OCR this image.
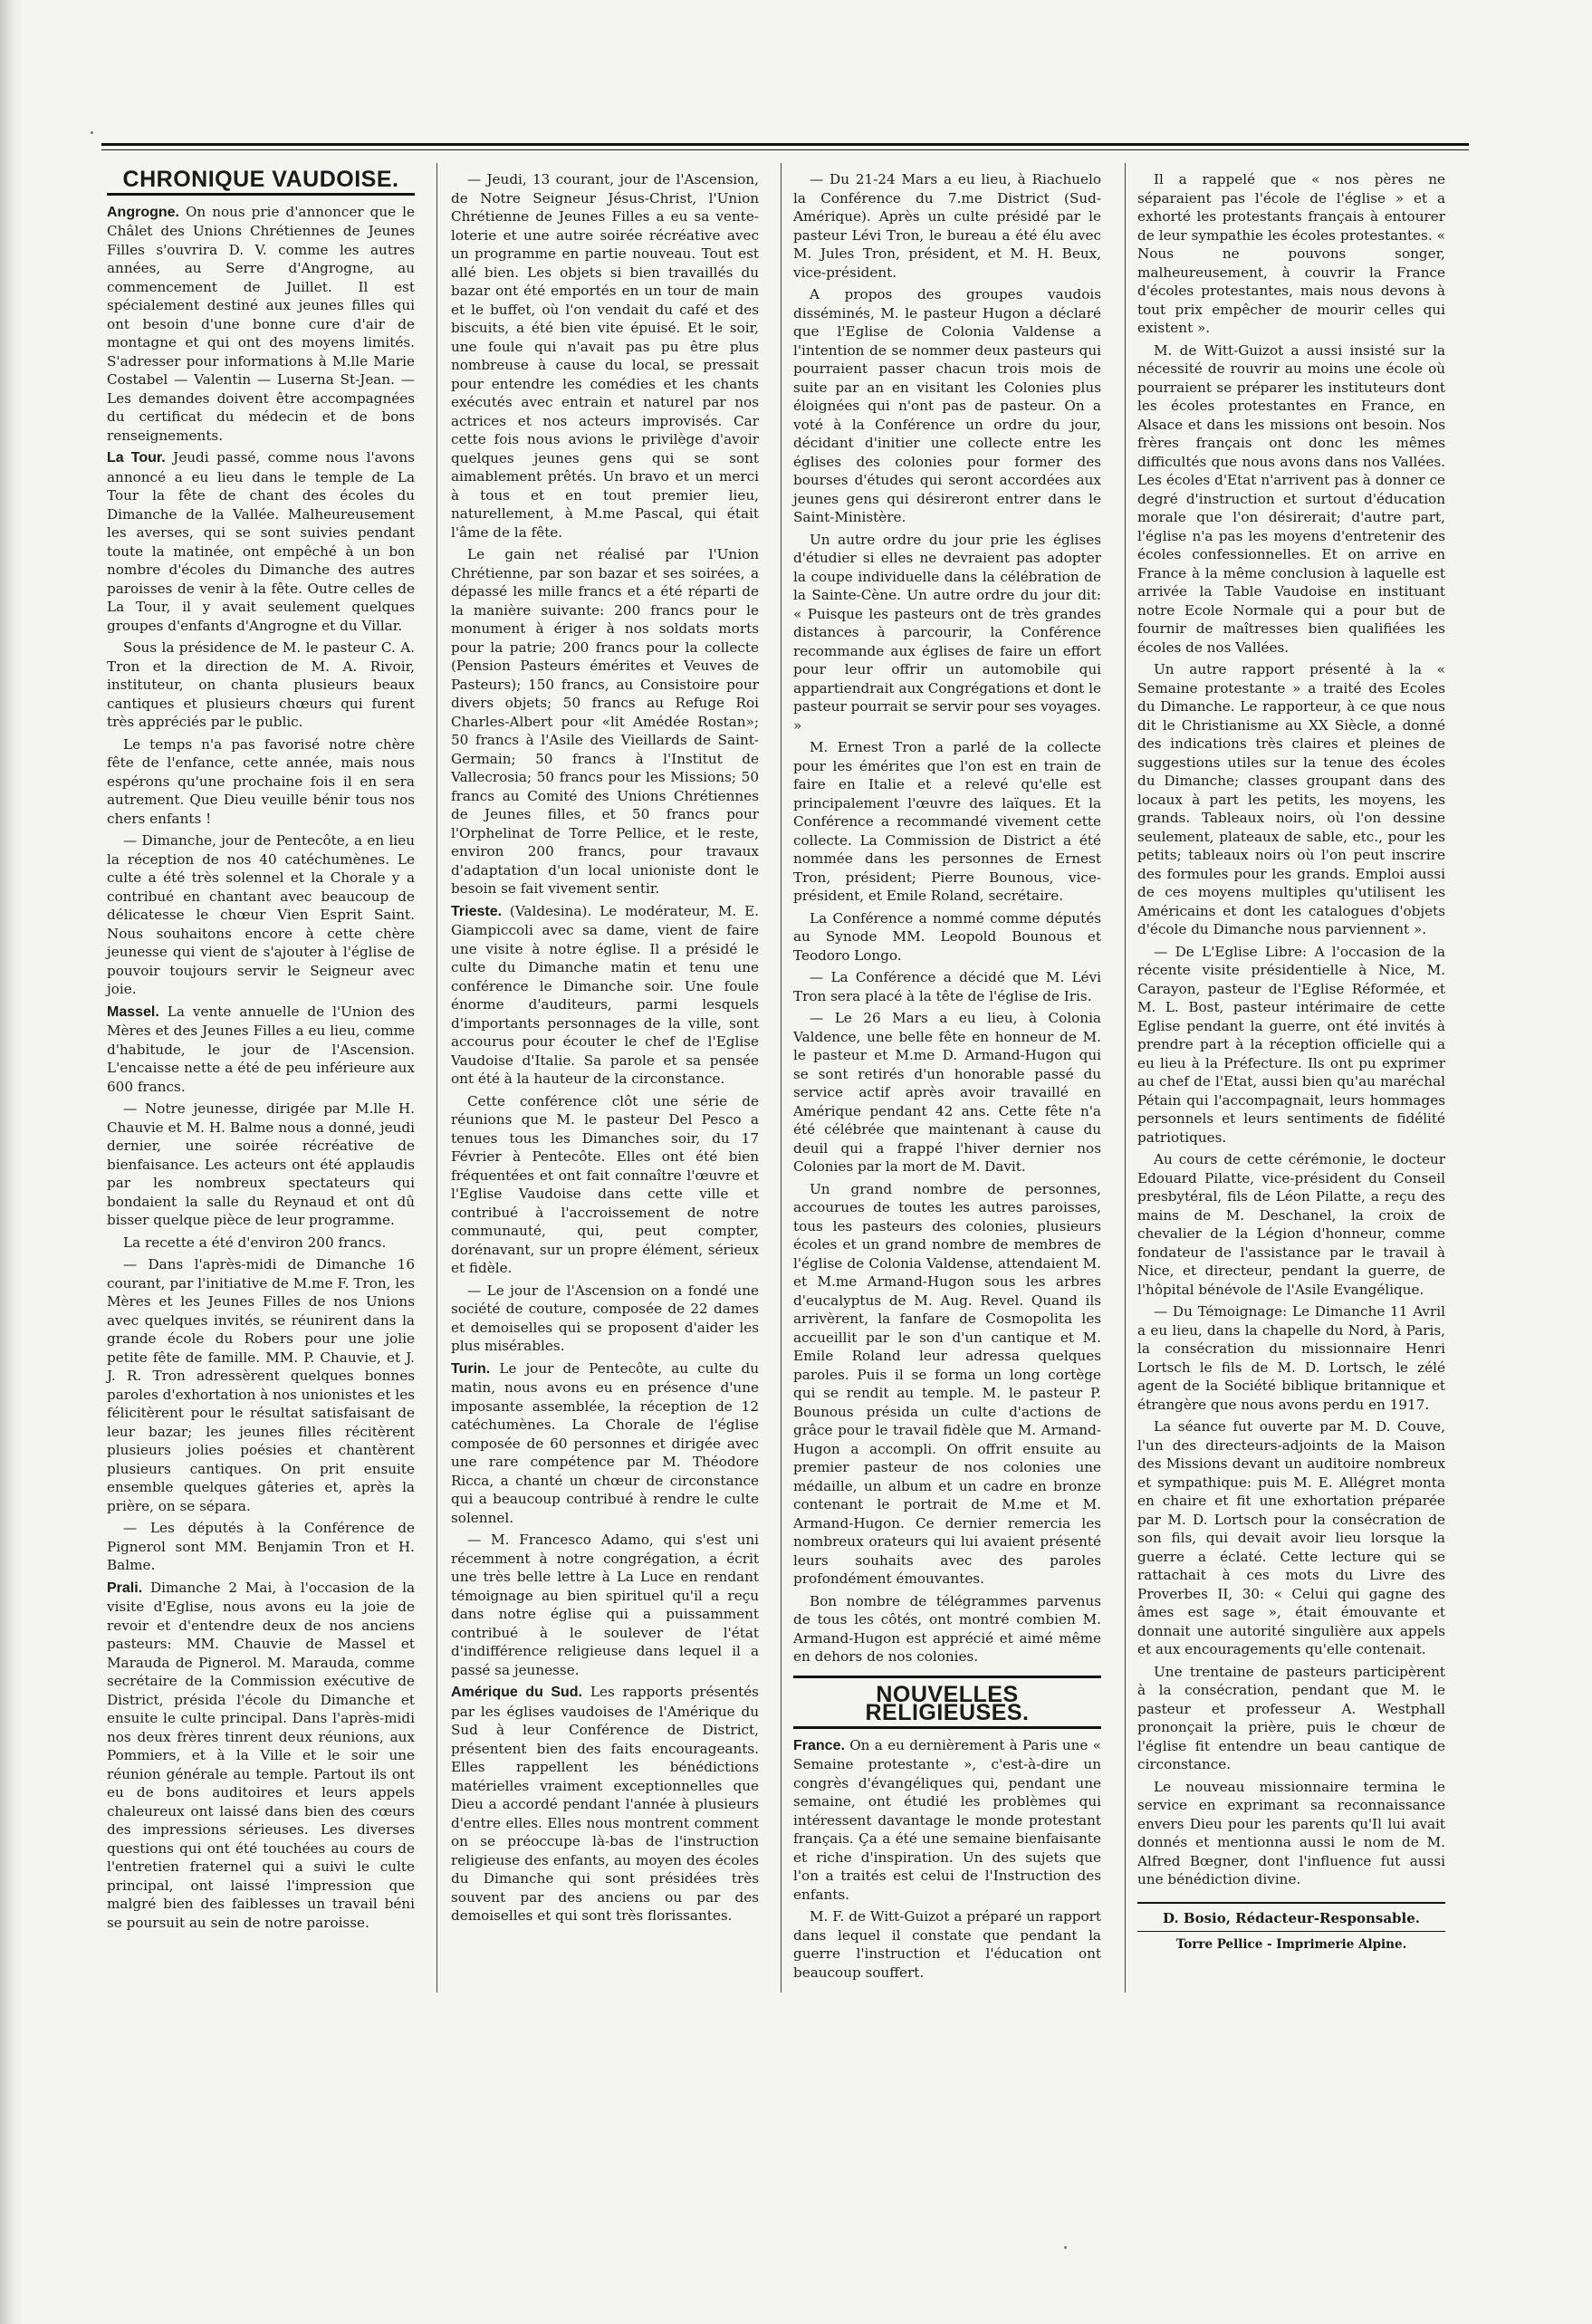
CHRONIQUE VAUDOISE.

Angrogne. On nous prie d'annoncer que le Châlet des Unions Chrétiennes de Jeunes Filles s'ouvrira D. V. comme les autres années, au Serre d'Angrogne, au commencement de Juillet. Il est spécialement destiné aux jeunes filles qui ont besoin d'une bonne cure d'air de montagne et qui ont des moyens limités. S'adresser pour informations à M.lle Marie Costabel — Valentin — Luserna St-Jean. — Les demandes doivent être accompagnées du certificat du médecin et de bons renseignements.

La Tour. Jeudi passé, comme nous l'avons annoncé a eu lieu dans le temple de La Tour la fête de chant des écoles du Dimanche de la Vallée. Malheureusement les averses, qui se sont suivies pendant toute la matinée, ont empêché à un bon nombre d'écoles du Dimanche des autres paroisses de venir à la fête. Outre celles de La Tour, il y avait seulement quelques groupes d'enfants d'Angrogne et du Villar.

Sous la présidence de M. le pasteur C. A. Tron et la direction de M. A. Rivoir, instituteur, on chanta plusieurs beaux cantiques et plusieurs chœurs qui furent très appréciés par le public.

Le temps n'a pas favorisé notre chère fête de l'enfance, cette année, mais nous espérons qu'une prochaine fois il en sera autrement. Que Dieu veuille bénir tous nos chers enfants !

— Dimanche, jour de Pentecôte, a en lieu la réception de nos 40 catéchumènes. Le culte a été très solennel et la Chorale y a contribué en chantant avec beaucoup de délicatesse le chœur Vien Esprit Saint. Nous souhaitons encore à cette chère jeunesse qui vient de s'ajouter à l'église de pouvoir toujours servir le Seigneur avec joie.

Massel. La vente annuelle de l'Union des Mères et des Jeunes Filles a eu lieu, comme d'habitude, le jour de l'Ascension. L'encaisse nette a été de peu inférieure aux 600 francs.

— Notre jeunesse, dirigée par M.lle H. Chauvie et M. H. Balme nous a donné, jeudi dernier, une soirée récréative de bienfaisance. Les acteurs ont été applaudis par les nombreux spectateurs qui bondaient la salle du Reynaud et ont dû bisser quelque pièce de leur programme.

La recette a été d'environ 200 francs.

— Dans l'après-midi de Dimanche 16 courant, par l'initiative de M.me F. Tron, les Mères et les Jeunes Filles de nos Unions avec quelques invités, se réunirent dans la grande école du Robers pour une jolie petite fête de famille. MM. P. Chauvie, et J. J. R. Tron adressèrent quelques bonnes paroles d'exhortation à nos unionistes et les félicitèrent pour le résultat satisfaisant de leur bazar; les jeunes filles récitèrent plusieurs jolies poésies et chantèrent plusieurs cantiques. On prit ensuite ensemble quelques gâteries et, après la prière, on se sépara.

— Les députés à la Conférence de Pignerol sont MM. Benjamin Tron et H. Balme.

Prali. Dimanche 2 Mai, à l'occasion de la visite d'Eglise, nous avons eu la joie de revoir et d'entendre deux de nos anciens pasteurs: MM. Chauvie de Massel et Marauda de Pignerol. M. Marauda, comme secrétaire de la Commission exécutive de District, présida l'école du Dimanche et ensuite le culte principal. Dans l'après-midi nos deux frères tinrent deux réunions, aux Pommiers, et à la Ville et le soir une réunion générale au temple. Partout ils ont eu de bons auditoires et leurs appels chaleureux ont laissé dans bien des cœurs des impressions sérieuses. Les diverses questions qui ont été touchées au cours de l'entretien fraternel qui a suivi le culte principal, ont laissé l'impression que malgré bien des faiblesses un travail béni se poursuit au sein de notre paroisse.

— Jeudi, 13 courant, jour de l'Ascension, de Notre Seigneur Jésus-Christ, l'Union Chrétienne de Jeunes Filles a eu sa vente-loterie et une autre soirée récréative avec un programme en partie nouveau. Tout est allé bien. Les objets si bien travaillés du bazar ont été emportés en un tour de main et le buffet, où l'on vendait du café et des biscuits, a été bien vite épuisé. Et le soir, une foule qui n'avait pas pu être plus nombreuse à cause du local, se pressait pour entendre les comédies et les chants exécutés avec entrain et naturel par nos actrices et nos acteurs improvisés. Car cette fois nous avions le privilège d'avoir quelques jeunes gens qui se sont aimablement prêtés. Un bravo et un merci à tous et en tout premier lieu, naturellement, à M.me Pascal, qui était l'âme de la fête.

Le gain net réalisé par l'Union Chrétienne, par son bazar et ses soirées, a dépassé les mille francs et a été réparti de la manière suivante: 200 francs pour le monument à ériger à nos soldats morts pour la patrie; 200 francs pour la collecte (Pension Pasteurs émérites et Veuves de Pasteurs); 150 francs, au Consistoire pour divers objets; 50 francs au Refuge Roi Charles-Albert pour «lit Amédée Rostan»; 50 francs à l'Asile des Vieillards de Saint-Germain; 50 francs à l'Institut de Vallecrosia; 50 francs pour les Missions; 50 francs au Comité des Unions Chrétiennes de Jeunes filles, et 50 francs pour l'Orphelinat de Torre Pellice, et le reste, environ 200 francs, pour travaux d'adaptation d'un local unioniste dont le besoin se fait vivement sentir.

Trieste. (Valdesina). Le modérateur, M. E. Giampiccoli avec sa dame, vient de faire une visite à notre église. Il a présidé le culte du Dimanche matin et tenu une conférence le Dimanche soir. Une foule énorme d'auditeurs, parmi lesquels d'importants personnages de la ville, sont accourus pour écouter le chef de l'Eglise Vaudoise d'Italie. Sa parole et sa pensée ont été à la hauteur de la circonstance.

Cette conférence clôt une série de réunions que M. le pasteur Del Pesco a tenues tous les Dimanches soir, du 17 Février à Pentecôte. Elles ont été bien fréquentées et ont fait connaître l'œuvre et l'Eglise Vaudoise dans cette ville et contribué à l'accroissement de notre communauté, qui, peut compter, dorénavant, sur un propre élément, sérieux et fidèle.

— Le jour de l'Ascension on a fondé une société de couture, composée de 22 dames et demoiselles qui se proposent d'aider les plus misérables.

Turin. Le jour de Pentecôte, au culte du matin, nous avons eu en présence d'une imposante assemblée, la réception de 12 catéchumènes. La Chorale de l'église composée de 60 personnes et dirigée avec une rare compétence par M. Théodore Ricca, a chanté un chœur de circonstance qui a beaucoup contribué à rendre le culte solennel.

— M. Francesco Adamo, qui s'est uni récemment à notre congrégation, a écrit une très belle lettre à La Luce en rendant témoignage au bien spirituel qu'il a reçu dans notre église qui a puissamment contribué à le soulever de l'état d'indifférence religieuse dans lequel il a passé sa jeunesse.

Amérique du Sud. Les rapports présentés par les églises vaudoises de l'Amérique du Sud à leur Conférence de District, présentent bien des faits encourageants. Elles rappellent les bénédictions matérielles vraiment exceptionnelles que Dieu a accordé pendant l'année à plusieurs d'entre elles. Elles nous montrent comment on se préoccupe là-bas de l'instruction religieuse des enfants, au moyen des écoles du Dimanche qui sont présidées très souvent par des anciens ou par des demoiselles et qui sont très florissantes.

— Du 21-24 Mars a eu lieu, à Riachuelo la Conférence du 7.me District (Sud-Amérique). Après un culte présidé par le pasteur Lévi Tron, le bureau a été élu avec M. Jules Tron, président, et M. H. Beux, vice-président.

A propos des groupes vaudois disséminés, M. le pasteur Hugon a déclaré que l'Eglise de Colonia Valdense a l'intention de se nommer deux pasteurs qui pourraient passer chacun trois mois de suite par an en visitant les Colonies plus éloignées qui n'ont pas de pasteur. On a voté à la Conférence un ordre du jour, décidant d'initier une collecte entre les églises des colonies pour former des bourses d'études qui seront accordées aux jeunes gens qui désireront entrer dans le Saint-Ministère.

Un autre ordre du jour prie les églises d'étudier si elles ne devraient pas adopter la coupe individuelle dans la célébration de la Sainte-Cène. Un autre ordre du jour dit: « Puisque les pasteurs ont de très grandes distances à parcourir, la Conférence recommande aux églises de faire un effort pour leur offrir un automobile qui appartiendrait aux Congrégations et dont le pasteur pourrait se servir pour ses voyages. »

M. Ernest Tron a parlé de la collecte pour les émérites que l'on est en train de faire en Italie et a relevé qu'elle est principalement l'œuvre des laïques. Et la Conférence a recommandé vivement cette collecte. La Commission de District a été nommée dans les personnes de Ernest Tron, président; Pierre Bounous, vice-président, et Emile Roland, secrétaire.

La Conférence a nommé comme députés au Synode MM. Leopold Bounous et Teodoro Longo.

— La Conférence a décidé que M. Lévi Tron sera placé à la tête de l'église de Iris.

— Le 26 Mars a eu lieu, à Colonia Valdence, une belle fête en honneur de M. le pasteur et M.me D. Armand-Hugon qui se sont retirés d'un honorable passé du service actif après avoir travaillé en Amérique pendant 42 ans. Cette fête n'a été célébrée que maintenant à cause du deuil qui a frappé l'hiver dernier nos Colonies par la mort de M. Davit.

Un grand nombre de personnes, accourues de toutes les autres paroisses, tous les pasteurs des colonies, plusieurs écoles et un grand nombre de membres de l'église de Colonia Valdense, attendaient M. et M.me Armand-Hugon sous les arbres d'eucalyptus de M. Aug. Revel. Quand ils arrivèrent, la fanfare de Cosmopolita les accueillit par le son d'un cantique et M. Emile Roland leur adressa quelques paroles. Puis il se forma un long cortège qui se rendit au temple. M. le pasteur P. Bounous présida un culte d'actions de grâce pour le travail fidèle que M. Armand-Hugon a accompli. On offrit ensuite au premier pasteur de nos colonies une médaille, un album et un cadre en bronze contenant le portrait de M.me et M. Armand-Hugon. Ce dernier remercia les nombreux orateurs qui lui avaient présenté leurs souhaits avec des paroles profondément émouvantes.

Bon nombre de télégrammes parvenus de tous les côtés, ont montré combien M. Armand-Hugon est apprécié et aimé même en dehors de nos colonies.

NOUVELLES RELIGIEUSES.

France. On a eu dernièrement à Paris une « Semaine protestante », c'est-à-dire un congrès d'évangéliques qui, pendant une semaine, ont étudié les problèmes qui intéressent davantage le monde protestant français. Ça a été une semaine bienfaisante et riche d'inspiration. Un des sujets que l'on a traités est celui de l'Instruction des enfants.

M. F. de Witt-Guizot a préparé un rapport dans lequel il constate que pendant la guerre l'instruction et l'éducation ont beaucoup souffert.

Il a rappelé que « nos pères ne séparaient pas l'école de l'église » et a exhorté les protestants français à entourer de leur sympathie les écoles protestantes. « Nous ne pouvons songer, malheureusement, à couvrir la France d'écoles protestantes, mais nous devons à tout prix empêcher de mourir celles qui existent ».

M. de Witt-Guizot a aussi insisté sur la nécessité de rouvrir au moins une école où pourraient se préparer les instituteurs dont les écoles protestantes en France, en Alsace et dans les missions ont besoin. Nos frères français ont donc les mêmes difficultés que nous avons dans nos Vallées. Les écoles d'Etat n'arrivent pas à donner ce degré d'instruction et surtout d'éducation morale que l'on désirerait; d'autre part, l'église n'a pas les moyens d'entretenir des écoles confessionnelles. Et on arrive en France à la même conclusion à laquelle est arrivée la Table Vaudoise en instituant notre Ecole Normale qui a pour but de fournir de maîtresses bien qualifiées les écoles de nos Vallées.

Un autre rapport présenté à la « Semaine protestante » a traité des Ecoles du Dimanche. Le rapporteur, à ce que nous dit le Christianisme au XX Siècle, a donné des indications très claires et pleines de suggestions utiles sur la tenue des écoles du Dimanche; classes groupant dans des locaux à part les petits, les moyens, les grands. Tableaux noirs, où l'on dessine seulement, plateaux de sable, etc., pour les petits; tableaux noirs où l'on peut inscrire des formules pour les grands. Emploi aussi de ces moyens multiples qu'utilisent les Américains et dont les catalogues d'objets d'école du Dimanche nous parviennent ».

— De L'Eglise Libre: A l'occasion de la récente visite présidentielle à Nice, M. Carayon, pasteur de l'Eglise Réformée, et M. L. Bost, pasteur intérimaire de cette Eglise pendant la guerre, ont été invités à prendre part à la réception officielle qui a eu lieu à la Préfecture. Ils ont pu exprimer au chef de l'Etat, aussi bien qu'au maréchal Pétain qui l'accompagnait, leurs hommages personnels et leurs sentiments de fidélité patriotiques.

Au cours de cette cérémonie, le docteur Edouard Pilatte, vice-président du Conseil presbytéral, fils de Léon Pilatte, a reçu des mains de M. Deschanel, la croix de chevalier de la Légion d'honneur, comme fondateur de l'assistance par le travail à Nice, et directeur, pendant la guerre, de l'hôpital bénévole de l'Asile Evangélique.

— Du Témoignage: Le Dimanche 11 Avril a eu lieu, dans la chapelle du Nord, à Paris, la consécration du missionnaire Henri Lortsch le fils de M. D. Lortsch, le zélé agent de la Société biblique britannique et étrangère que nous avons perdu en 1917.

La séance fut ouverte par M. D. Couve, l'un des directeurs-adjoints de la Maison des Missions devant un auditoire nombreux et sympathique: puis M. E. Allégret monta en chaire et fit une exhortation préparée par M. D. Lortsch pour la consécration de son fils, qui devait avoir lieu lorsque la guerre a éclaté. Cette lecture qui se rattachait à ces mots du Livre des Proverbes II, 30: « Celui qui gagne des âmes est sage », était émouvante et donnait une autorité singulière aux appels et aux encouragements qu'elle contenait.

Une trentaine de pasteurs participèrent à la consécration, pendant que M. le pasteur et professeur A. Westphall prononçait la prière, puis le chœur de l'église fit entendre un beau cantique de circonstance.

Le nouveau missionnaire termina le service en exprimant sa reconnaissance envers Dieu pour les parents qu'Il lui avait donnés et mentionna aussi le nom de M. Alfred Bœgner, dont l'influence fut aussi une bénédiction divine.

D. Bosio, Rédacteur-Responsable.
Torre Pellice - Imprimerie Alpine.
